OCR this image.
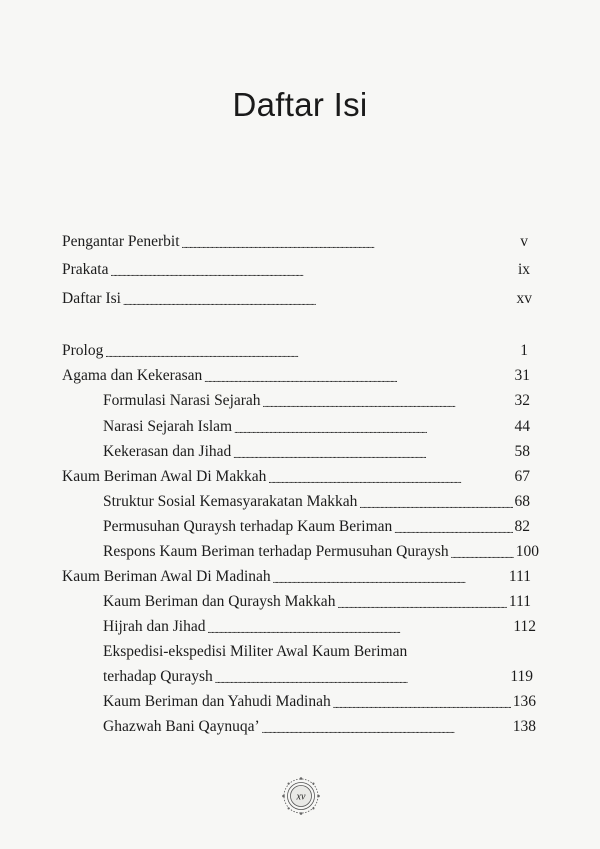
Daftar Isi
Pengantar Penerbit . . .	v
Prakata . . .	ix
Daftar Isi . . .	xv
Prolog . . .	1
Agama dan Kekerasan . . .	31
Formulasi Narasi Sejarah . . .	32
Narasi Sejarah Islam . . .	44
Kekerasan dan Jihad . . .	58
Kaum Beriman Awal Di Makkah . . .	67
Struktur Sosial Kemasyarakatan Makkah . . .	68
Permusuhan Quraysh terhadap Kaum Beriman . . .	82
Respons Kaum Beriman terhadap Permusuhan Quraysh . . .	100
Kaum Beriman Awal Di Madinah . . .	111
Kaum Beriman dan Quraysh Makkah . . .	111
Hijrah dan Jihad . . .	112
Ekspedisi-ekspedisi Militer Awal Kaum Beriman
terhadap Quraysh . . .	119
Kaum Beriman dan Yahudi Madinah . . .	136
Ghazwah Bani Qaynuqa’ . . .	138
xv
